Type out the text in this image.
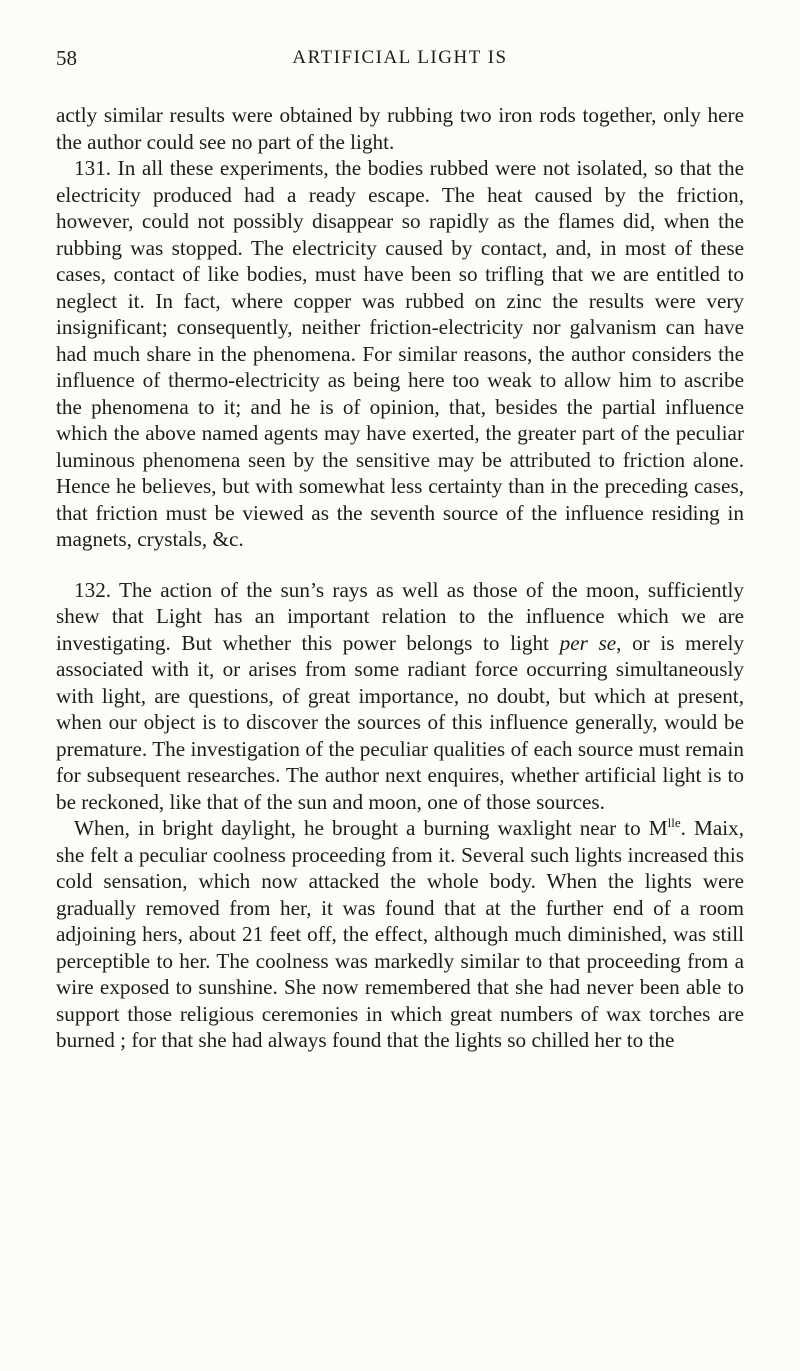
58	ARTIFICIAL LIGHT IS

actly similar results were obtained by rubbing two iron rods together, only here the author could see no part of the light.

131. In all these experiments, the bodies rubbed were not isolated, so that the electricity produced had a ready escape. The heat caused by the friction, however, could not possibly disappear so rapidly as the flames did, when the rubbing was stopped. The electricity caused by contact, and, in most of these cases, contact of like bodies, must have been so trifling that we are entitled to neglect it. In fact, where copper was rubbed on zinc the results were very insignificant; consequently, neither friction-electricity nor galvanism can have had much share in the phenomena. For similar reasons, the author considers the influence of thermo-electricity as being here too weak to allow him to ascribe the phenomena to it; and he is of opinion, that, besides the partial influence which the above named agents may have exerted, the greater part of the peculiar luminous phenomena seen by the sensitive may be attributed to friction alone. Hence he believes, but with somewhat less certainty than in the preceding cases, that friction must be viewed as the seventh source of the influence residing in magnets, crystals, &c.

132. The action of the sun’s rays as well as those of the moon, sufficiently shew that Light has an important relation to the influence which we are investigating. But whether this power belongs to light per se, or is merely associated with it, or arises from some radiant force occurring simultaneously with light, are questions, of great importance, no doubt, but which at present, when our object is to discover the sources of this influence generally, would be premature. The investigation of the peculiar qualities of each source must remain for subsequent researches. The author next enquires, whether artificial light is to be reckoned, like that of the sun and moon, one of those sources.

When, in bright daylight, he brought a burning waxlight near to $M^{lle}$. Maix, she felt a peculiar coolness proceeding from it. Several such lights increased this cold sensation, which now attacked the whole body. When the lights were gradually removed from her, it was found that at the further end of a room adjoining hers, about 21 feet off, the effect, although much diminished, was still perceptible to her. The coolness was markedly similar to that proceeding from a wire exposed to sunshine. She now remembered that she had never been able to support those religious ceremonies in which great numbers of wax torches are burned ; for that she had always found that the lights so chilled her to the
